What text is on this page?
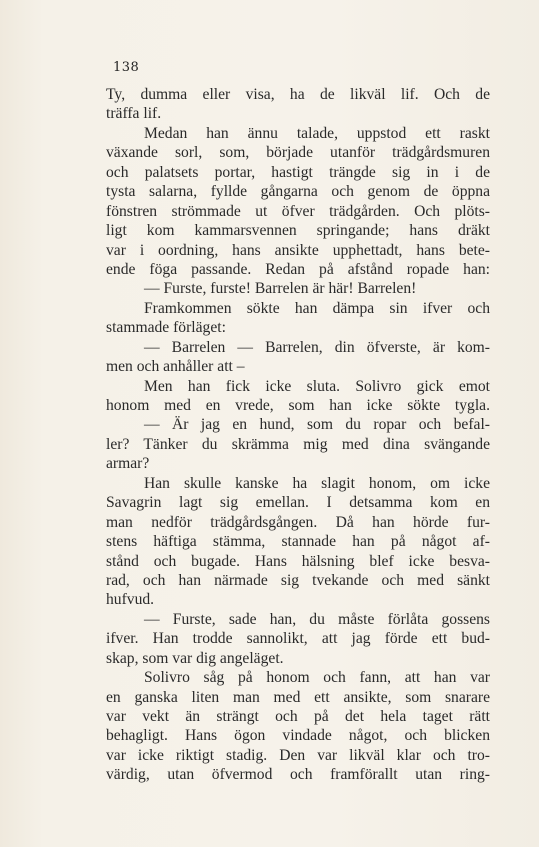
138
Ty, dumma eller visa, ha de likväl lif. Och de
träffa lif.
Medan han ännu talade, uppstod ett raskt
växande sorl, som, började utanför trädgårdsmuren
och palatsets portar, hastigt trängde sig in i de
tysta salarna, fyllde gångarna och genom de öppna
fönstren strömmade ut öfver trädgården. Och plöts-
ligt kom kammarsvennen springande; hans dräkt
var i oordning, hans ansikte upphettadt, hans bete-
ende föga passande. Redan på afstånd ropade han:
— Furste, furste! Barrelen är här! Barrelen!
Framkommen sökte han dämpa sin ifver och
stammade förläget:
— Barrelen — Barrelen, din öfverste, är kom-
men och anhåller att –
Men han fick icke sluta. Solivro gick emot
honom med en vrede, som han icke sökte tygla.
— Är jag en hund, som du ropar och befal-
ler? Tänker du skrämma mig med dina svängande
armar?
Han skulle kanske ha slagit honom, om icke
Savagrin lagt sig emellan. I detsamma kom en
man nedför trädgårdsgången. Då han hörde fur-
stens häftiga stämma, stannade han på något af-
stånd och bugade. Hans hälsning blef icke besva-
rad, och han närmade sig tvekande och med sänkt
hufvud.
— Furste, sade han, du måste förlåta gossens
ifver. Han trodde sannolikt, att jag förde ett bud-
skap, som var dig angeläget.
Solivro såg på honom och fann, att han var
en ganska liten man med ett ansikte, som snarare
var vekt än strängt och på det hela taget rätt
behagligt. Hans ögon vindade något, och blicken
var icke riktigt stadig. Den var likväl klar och tro-
värdig, utan öfvermod och framförallt utan ring-
